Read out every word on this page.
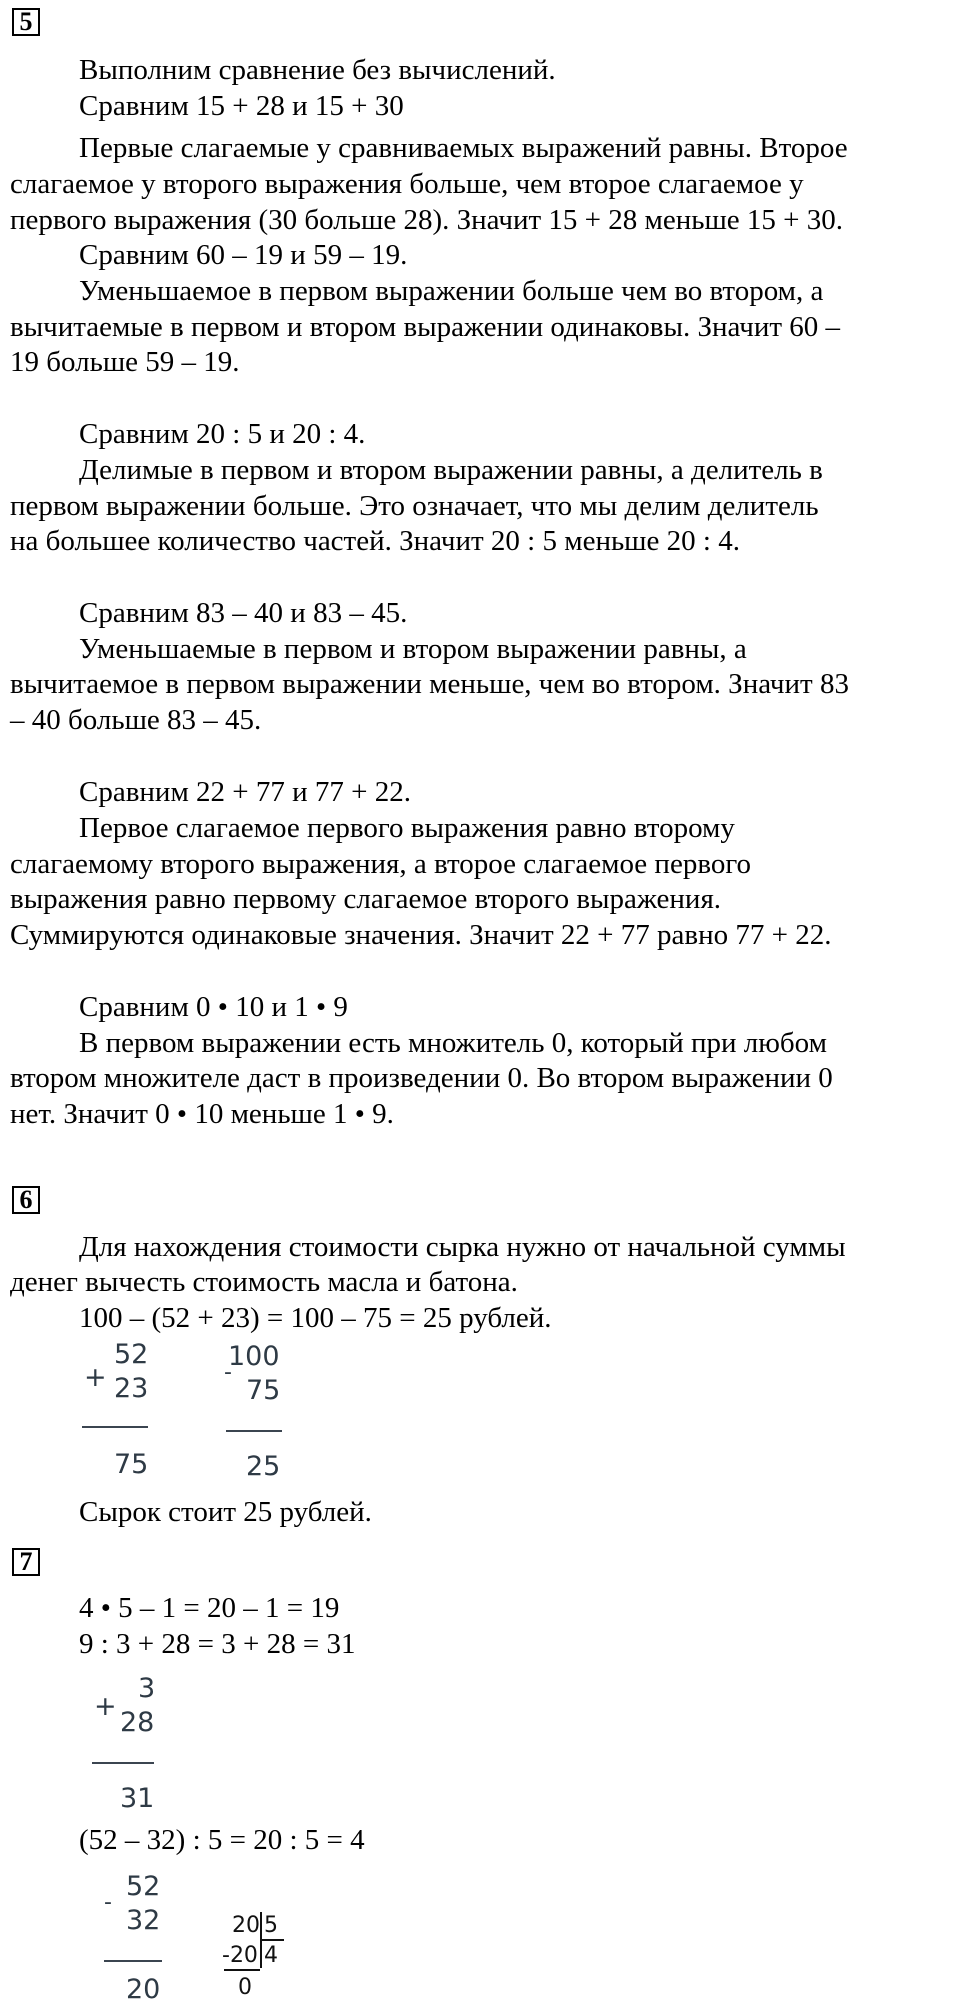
5
Выполним сравнение без вычислений.
Сравним 15 + 28 и 15 + 30
Первые слагаемые у сравниваемых выражений равны. Второе
слагаемое у второго выражения больше, чем второе слагаемое у
первого выражения (30 больше 28). Значит 15 + 28 меньше 15 + 30.
Сравним 60 – 19 и 59 – 19.
Уменьшаемое в первом выражении больше чем во втором, а
вычитаемые в первом и втором выражении одинаковы. Значит 60 –
19 больше 59 – 19.
Сравним 20 : 5 и 20 : 4.
Делимые в первом и втором выражении равны, а делитель в
первом выражении больше. Это означает, что мы делим делитель
на большее количество частей. Значит 20 : 5 меньше 20 : 4.
Сравним 83 – 40 и 83 – 45.
Уменьшаемые в первом и втором выражении равны, а
вычитаемое в первом выражении меньше, чем во втором. Значит 83
– 40 больше 83 – 45.
Сравним 22 + 77 и 77 + 22.
Первое слагаемое первого выражения равно второму
слагаемому второго выражения, а второе слагаемое первого
выражения равно первому слагаемое второго выражения.
Суммируются одинаковые значения. Значит 22 + 77 равно 77 + 22.
Сравним 0 • 10 и 1 • 9
В первом выражении есть множитель 0, который при любом
втором множителе даст в произведении 0. Во втором выражении 0
нет. Значит 0 • 10 меньше 1 • 9.
6
Для нахождения стоимости сырка нужно от начальной суммы
денег вычесть стоимость масла и батона.
100 – (52 + 23) = 100 – 75 = 25 рублей.
+
52
23
75
-
100
75
25
Сырок стоит 25 рублей.
7
4 • 5 – 1 = 20 – 1 = 19
9 : 3 + 28 = 3 + 28 = 31
+
3
28
31
(52 – 32) : 5 = 20 : 5 = 4
-
52
32
20
20 5
-20 4
0
